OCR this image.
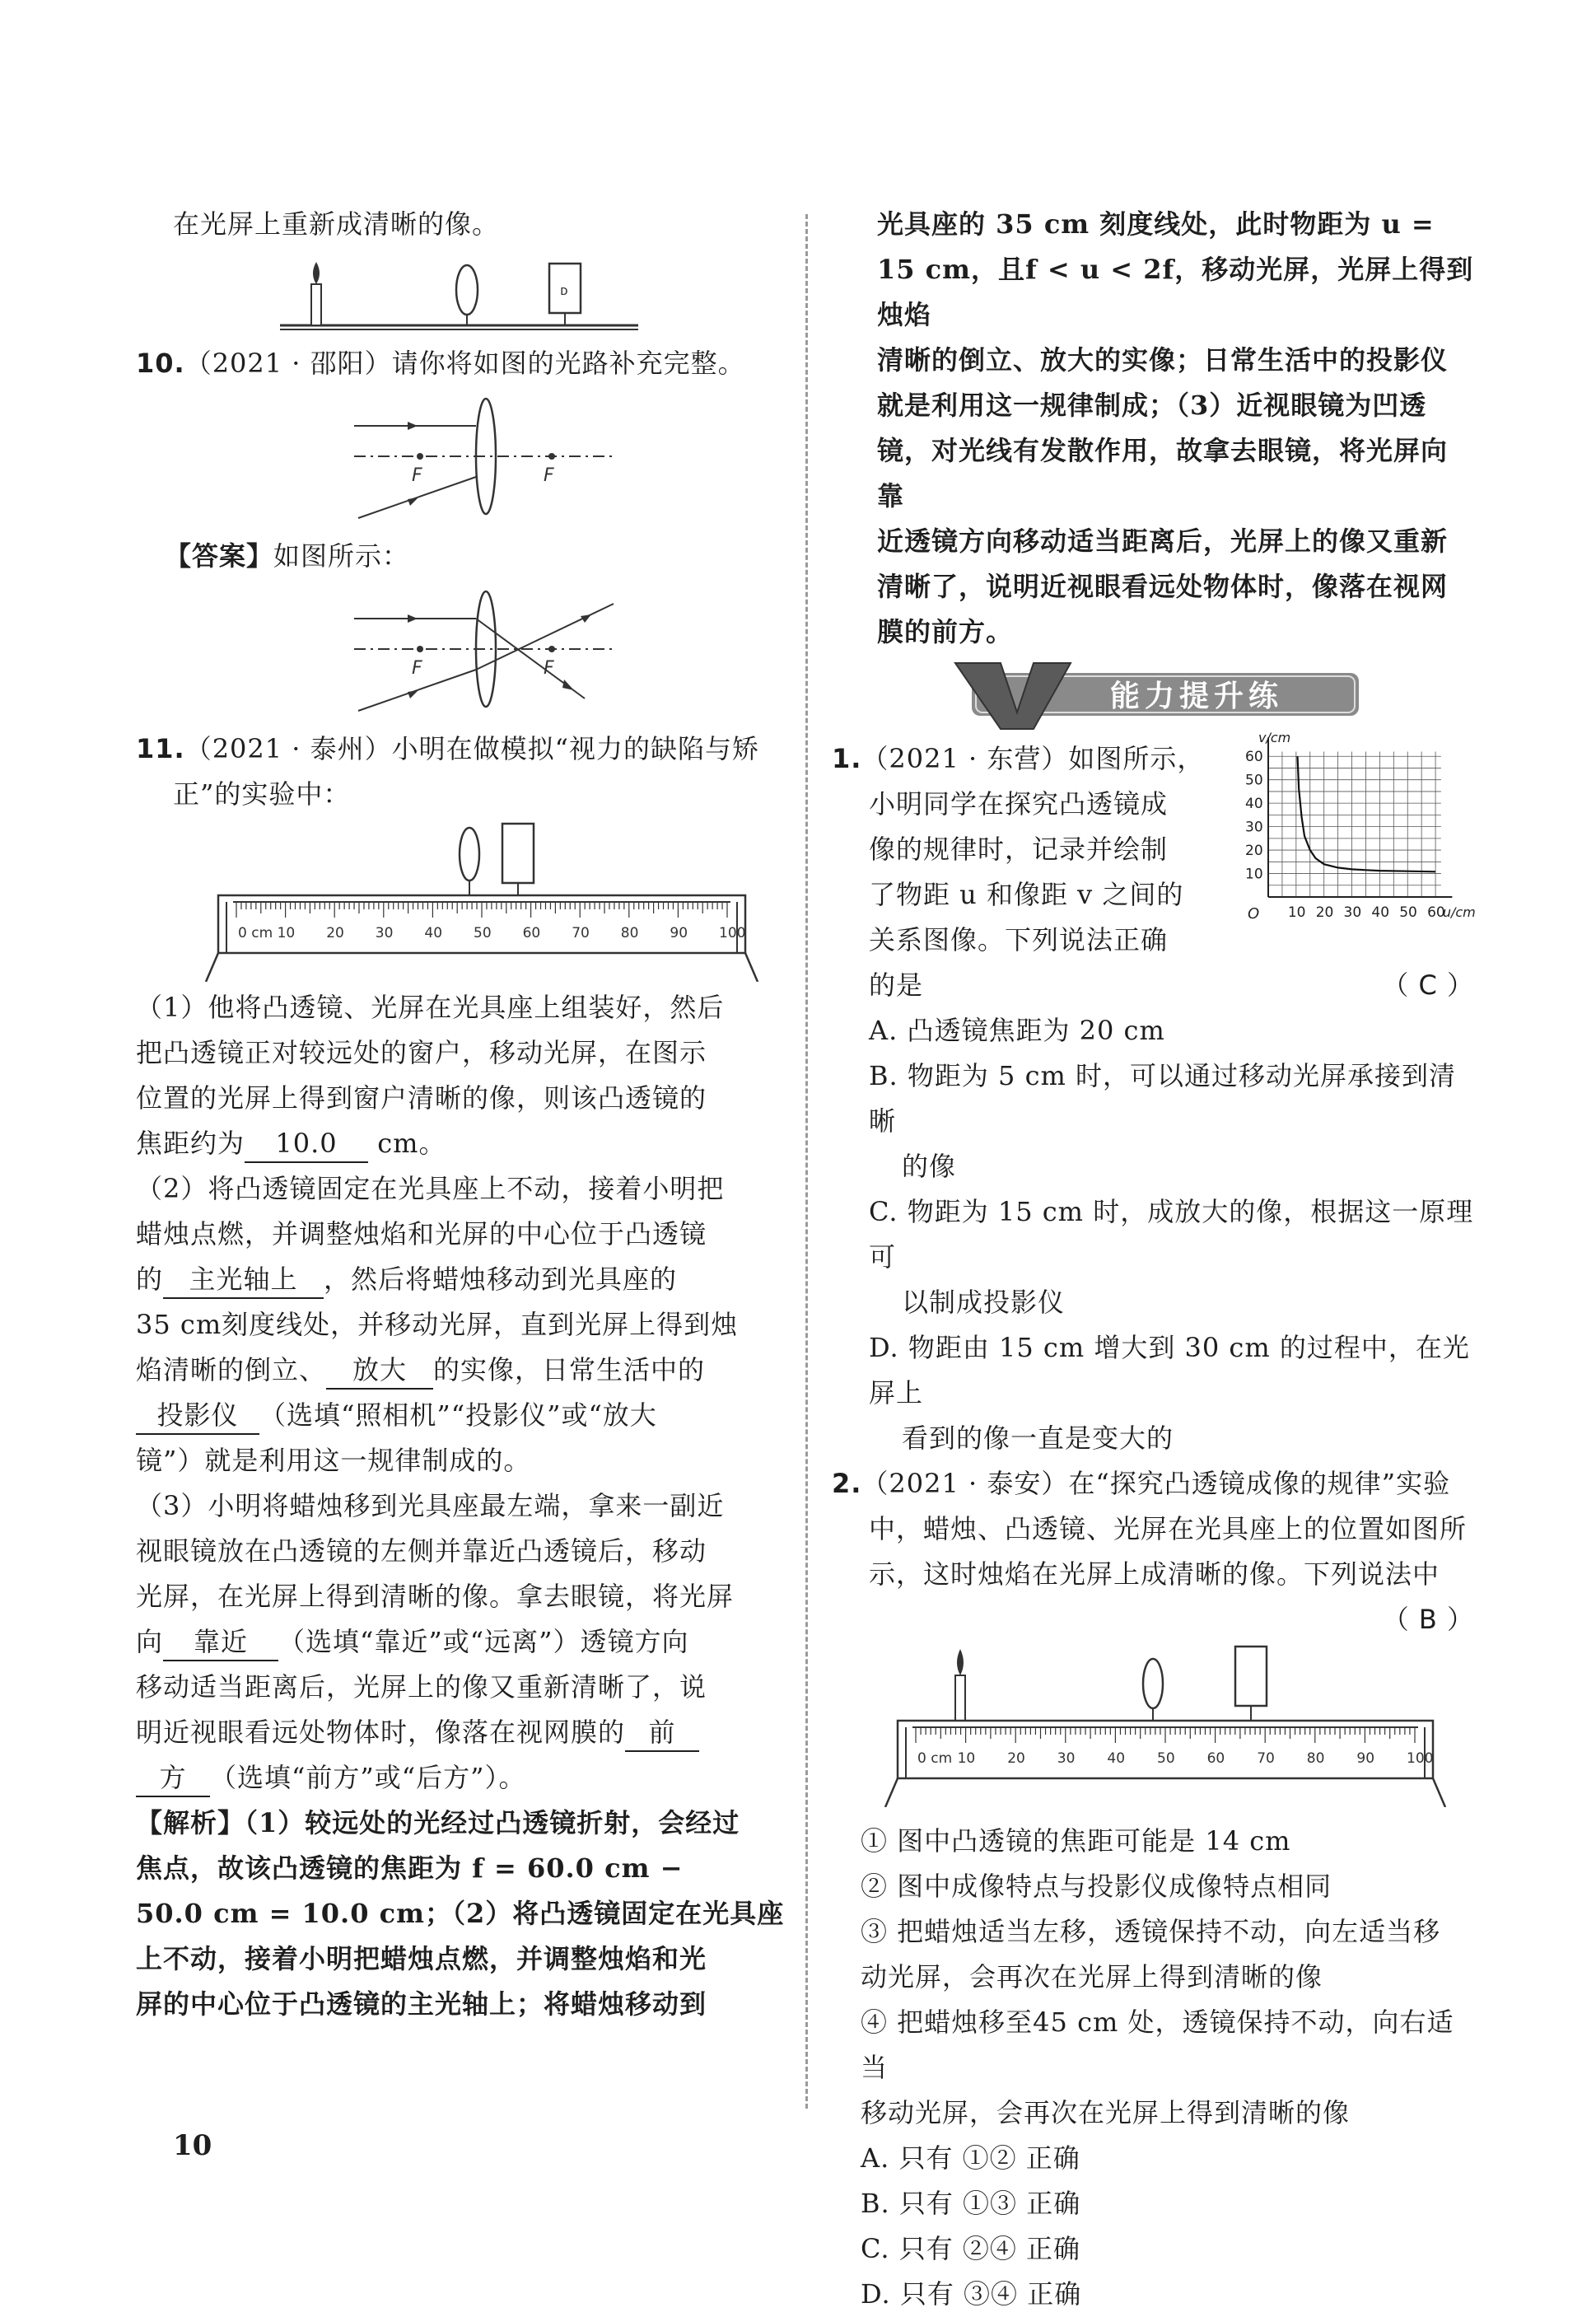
在光屏上重新成清晰的像。

ᴅ

10.（2021 · 邵阳）请你将如图的光路补充完整。

F	F

【答案】如图所示：

F	F

11.（2021 · 泰州）小明在做模拟“视力的缺陷与矫

正”的实验中：

0 cm 10 20 30 40 50 60 70 80 90 100

（1）他将凸透镜、光屏在光具座上组装好，然后

把凸透镜正对较远处的窗户，移动光屏，在图示

位置的光屏上得到窗户清晰的像，则该凸透镜的

焦距约为 10.0 cm。

（2）将凸透镜固定在光具座上不动，接着小明把

蜡烛点燃，并调整烛焰和光屏的中心位于凸透镜

的 主光轴上 ，然后将蜡烛移动到光具座的

35 cm刻度线处，并移动光屏，直到光屏上得到烛

焰清晰的倒立、 放大 的实像，日常生活中的

投影仪 （选填“照相机”“投影仪”或“放大

镜”）就是利用这一规律制成的。

（3）小明将蜡烛移到光具座最左端，拿来一副近

视眼镜放在凸透镜的左侧并靠近凸透镜后，移动

光屏，在光屏上得到清晰的像。拿去眼镜，将光屏

向 靠近 （选填“靠近”或“远离”）透镜方向

移动适当距离后，光屏上的像又重新清晰了，说

明近视眼看远处物体时，像落在视网膜的 前

方 （选填“前方”或“后方”）。

【解析】（1）较远处的光经过凸透镜折射，会经过

焦点，故该凸透镜的焦距为 f = 60.0 cm −

50.0 cm = 10.0 cm；（2）将凸透镜固定在光具座

上不动，接着小明把蜡烛点燃，并调整烛焰和光

屏的中心位于凸透镜的主光轴上；将蜡烛移动到

光具座的 35 cm 刻度线处，此时物距为 u =

15 cm，且f < u < 2f，移动光屏，光屏上得到烛焰

清晰的倒立、放大的实像；日常生活中的投影仪

就是利用这一规律制成；（3）近视眼镜为凹透

镜，对光线有发散作用，故拿去眼镜，将光屏向靠

近透镜方向移动适当距离后，光屏上的像又重新

清晰了，说明近视眼看远处物体时，像落在视网

膜的前方。

能力提升练

1.（2021 · 东营）如图所示，

小明同学在探究凸透镜成

像的规律时，记录并绘制

了物距 u 和像距 v 之间的

关系图像。下列说法正确

的是	（ C ）

10 20 30 40 50 60
10
20
30
40
50
60
O	u/cm
v/cm

A. 凸透镜焦距为 20 cm

B. 物距为 5 cm 时，可以通过移动光屏承接到清晰

的像

C. 物距为 15 cm 时，成放大的像，根据这一原理可

以制成投影仪

D. 物距由 15 cm 增大到 30 cm 的过程中，在光屏上

看到的像一直是变大的

2.（2021 · 泰安）在“探究凸透镜成像的规律”实验

中，蜡烛、凸透镜、光屏在光具座上的位置如图所

示，这时烛焰在光屏上成清晰的像。下列说法中

（ B ）

0 cm 10 20 30 40 50 60 70 80 90 100

① 图中凸透镜的焦距可能是 14 cm

② 图中成像特点与投影仪成像特点相同

③ 把蜡烛适当左移，透镜保持不动，向左适当移

动光屏，会再次在光屏上得到清晰的像

④ 把蜡烛移至45 cm 处，透镜保持不动，向右适当

移动光屏，会再次在光屏上得到清晰的像

A. 只有 ①② 正确

B. 只有 ①③ 正确

C. 只有 ②④ 正确

D. 只有 ③④ 正确

10
